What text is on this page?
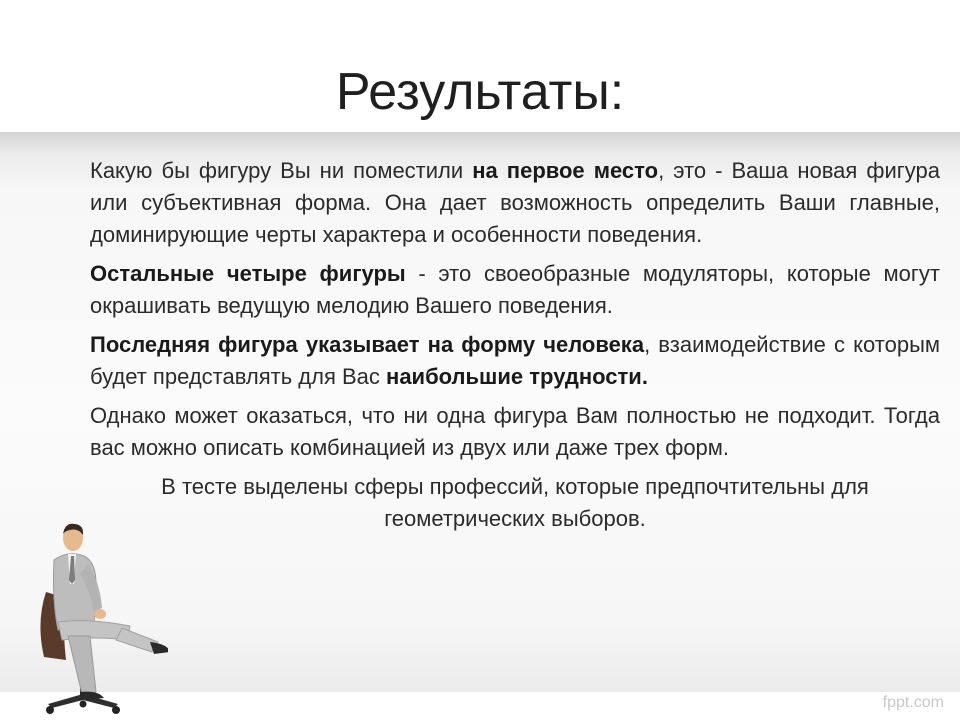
Результаты:

Какую бы фигуру Вы ни поместили на первое место, это - Ваша новая фигура или субъективная форма. Она дает возможность определить Ваши главные, доминирующие черты характера и особенности поведения.

Остальные четыре фигуры - это своеобразные модуляторы, которые могут окрашивать ведущую мелодию Вашего поведения.

Последняя фигура указывает на форму человека, взаимодействие с которым будет представлять для Вас наибольшие трудности.

Однако может оказаться, что ни одна фигура Вам полностью не подходит. Тогда вас можно описать комбинацией из двух или даже трех форм.

В тесте выделены сферы профессий, которые предпочтительны для геометрических выборов.

fppt.com
